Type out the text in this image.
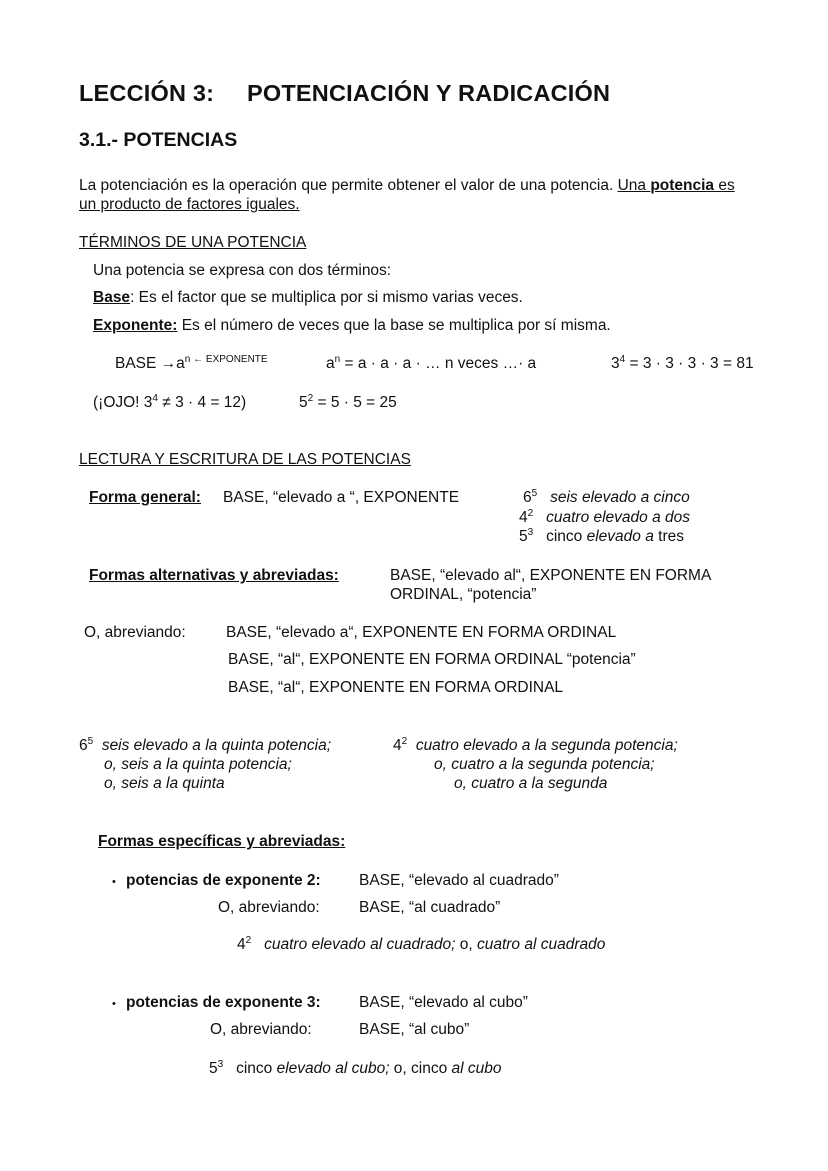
LECCIÓN 3: POTENCIACIÓN Y RADICACIÓN
3.1.- POTENCIAS
La potenciación es la operación que permite obtener el valor de una potencia. Una potencia es
un producto de factores iguales.
TÉRMINOS DE UNA POTENCIA
Una potencia se expresa con dos términos:
Base: Es el factor que se multiplica por si mismo varias veces.
Exponente: Es el número de veces que la base se multiplica por sí misma.
BASE $\to a^{n \leftarrow EXPONENTE}$	$a^n = a \cdot a \cdot a$ · … n veces …· a	$3^4 = 3 \cdot 3 \cdot 3 \cdot 3 = 81$
(¡OJO! $3^4 \ne 3 \cdot 4 = 12$)	$5^2 = 5 \cdot 5 = 25$
LECTURA Y ESCRITURA DE LAS POTENCIAS
Forma general: BASE, “elevado a “, EXPONENTE	$6^5$ seis elevado a cinco
$4^2$ cuatro elevado a dos
$5^3$ cinco elevado a tres
Formas alternativas y abreviadas:	BASE, “elevado al“, EXPONENTE EN FORMA
ORDINAL, “potencia”
O, abreviando:	BASE, “elevado a“, EXPONENTE EN FORMA ORDINAL
BASE, “al“, EXPONENTE EN FORMA ORDINAL “potencia”
BASE, “al“, EXPONENTE EN FORMA ORDINAL
$6^5$ seis elevado a la quinta potencia;
o, seis a la quinta potencia;
o, seis a la quinta
$4^2$ cuatro elevado a la segunda potencia;
o, cuatro a la segunda potencia;
o, cuatro a la segunda
Formas específicas y abreviadas:
• potencias de exponente 2: BASE, “elevado al cuadrado”
O, abreviando:	BASE, “al cuadrado”
$4^2$ cuatro elevado al cuadrado; o, cuatro al cuadrado
• potencias de exponente 3: BASE, “elevado al cubo”
O, abreviando:	BASE, “al cubo”
$5^3$ cinco elevado al cubo; o, cinco al cubo
